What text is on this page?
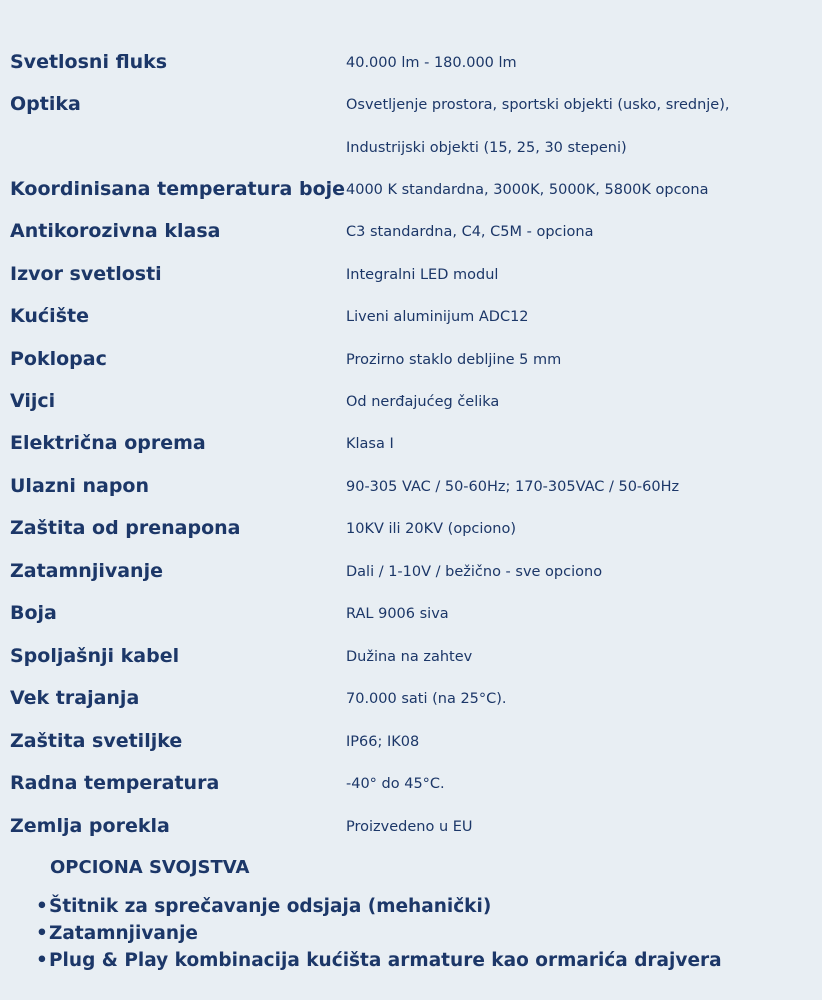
Svetlosni fluks	40.000 lm - 180.000 lm
Optika	Osvetljenje prostora, sportski objekti (usko, srednje),
Industrijski objekti (15, 25, 30 stepeni)
Koordinisana temperatura boje 4000 K standardna, 3000K, 5000K, 5800K opcona
Antikorozivna klasa	C3 standardna, C4, C5M - opciona
Izvor svetlosti	Integralni LED modul
Kućište	Liveni aluminijum ADC12
Poklopac	Prozirno staklo debljine 5 mm
Vijci	Od nerđajućeg čelika
Električna oprema	Klasa I
Ulazni napon	90-305 VAC / 50-60Hz; 170-305VAC / 50-60Hz
Zaštita od prenapona	10KV ili 20KV (opciono)
Zatamnjivanje	Dali / 1-10V / bežično - sve opciono
Boja	RAL 9006 siva
Spoljašnji kabel	Dužina na zahtev
Vek trajanja	70.000 sati (na 25°C).
Zaštita svetiljke	IP66; IK08
Radna temperatura	-40° do 45°C.
Zemlja porekla	Proizvedeno u EU
OPCIONA SVOJSTVA
•Štitnik za sprečavanje odsjaja (mehanički)
•Zatamnjivanje
•Plug & Play kombinacija kućišta armature kao ormarića drajvera
